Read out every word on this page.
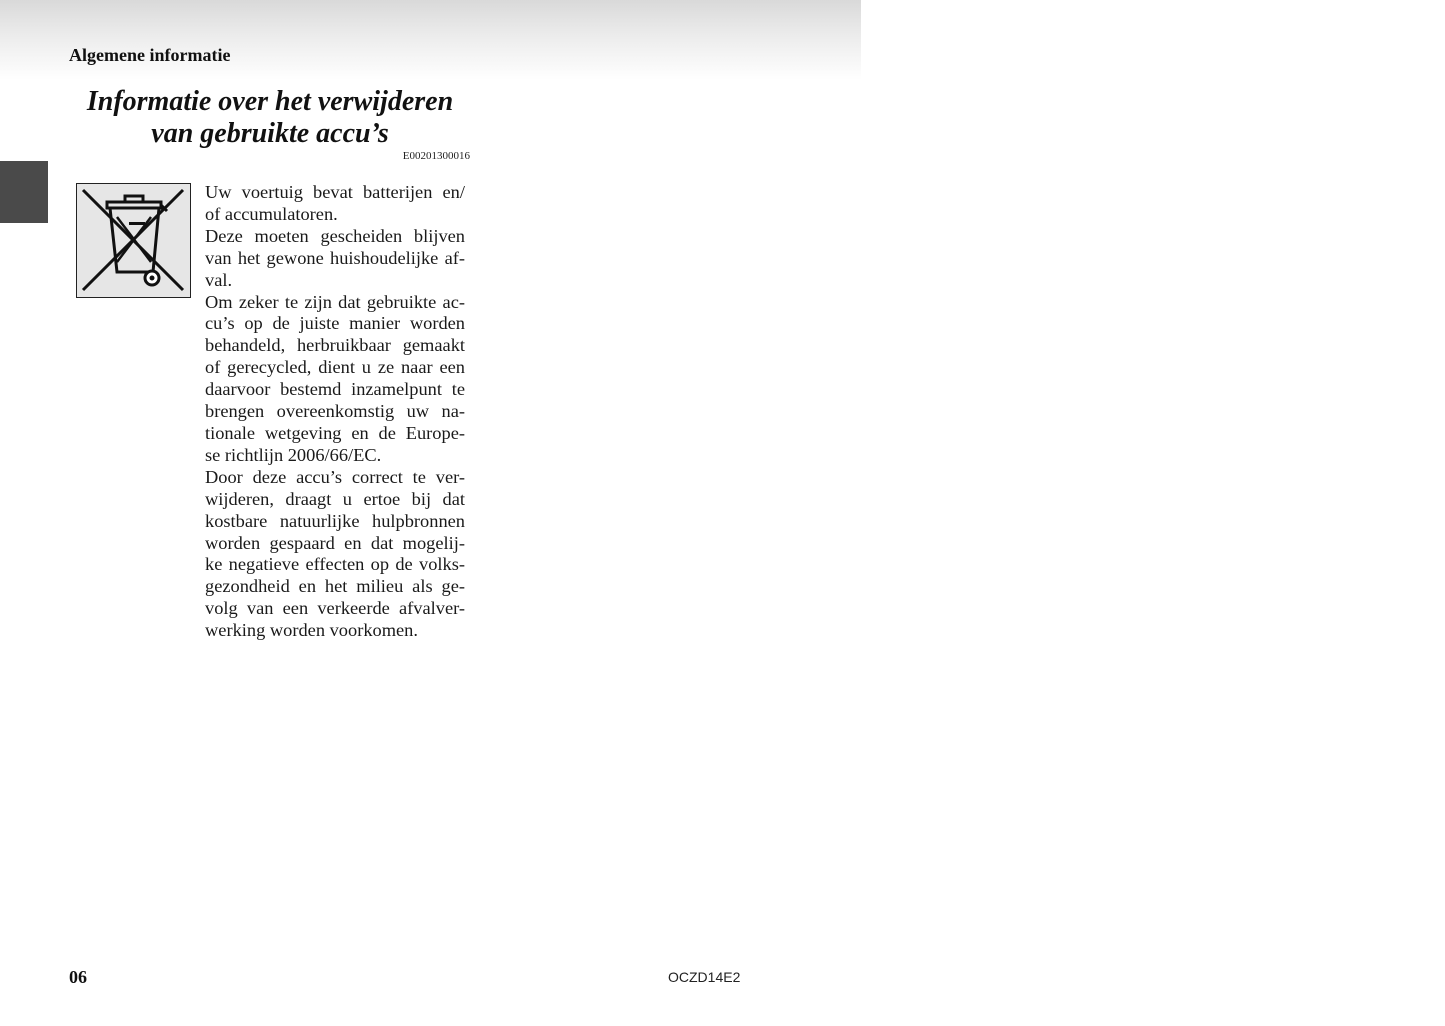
Algemene informatie
Informatie over het verwijderen
van gebruikte accu’s
E00201300016
Uw voertuig bevat batterijen en/
of accumulatoren.
Deze moeten gescheiden blijven
van het gewone huishoudelijke af-
val.
Om zeker te zijn dat gebruikte ac-
cu’s op de juiste manier worden
behandeld, herbruikbaar gemaakt
of gerecycled, dient u ze naar een
daarvoor bestemd inzamelpunt te
brengen overeenkomstig uw na-
tionale wetgeving en de Europe-
se richtlijn 2006/66/EC.
Door deze accu’s correct te ver-
wijderen, draagt u ertoe bij dat
kostbare natuurlijke hulpbronnen
worden gespaard en dat mogelij-
ke negatieve effecten op de volks-
gezondheid en het milieu als ge-
volg van een verkeerde afvalver-
werking worden voorkomen.
06	OCZD14E2
